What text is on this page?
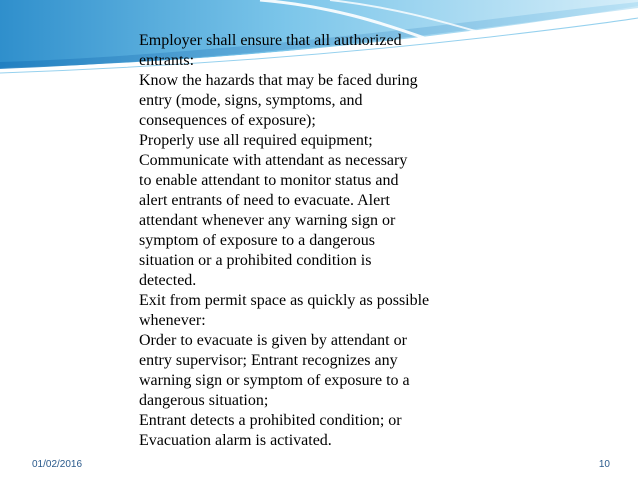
Employer shall ensure that all authorized
entrants:
Know the hazards that may be faced during
entry (mode, signs, symptoms, and
consequences of exposure);
Properly use all required equipment;
Communicate with attendant as necessary
to enable attendant to monitor status and
alert entrants of need to evacuate. Alert
attendant whenever any warning sign or
symptom of exposure to a dangerous
situation or a prohibited condition is
detected.
Exit from permit space as quickly as possible
whenever:
Order to evacuate is given by attendant or
entry supervisor; Entrant recognizes any
warning sign or symptom of exposure to a
dangerous situation;
Entrant detects a prohibited condition; or
Evacuation alarm is activated.
01/02/2016	10
